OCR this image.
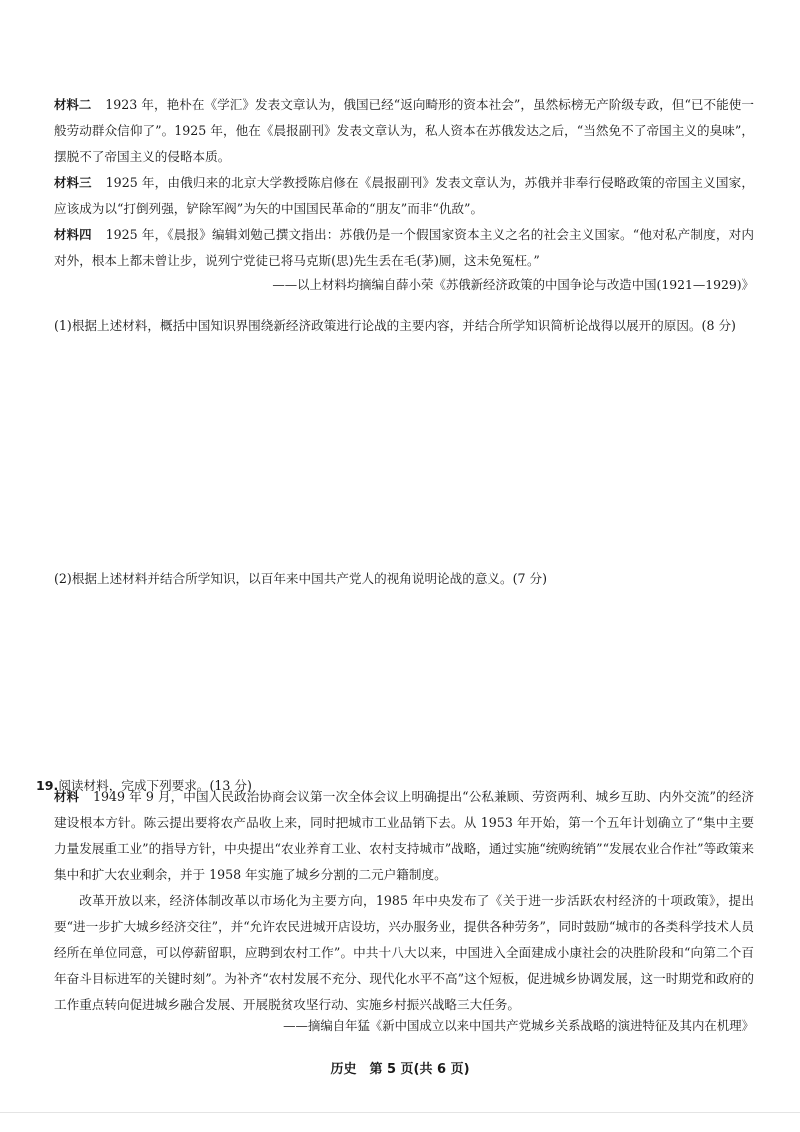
材料二 1923 年，艳朴在《学汇》发表文章认为，俄国已经“返向畸形的资本社会”，虽然标榜无产阶级专政，但“已不能使一般劳动群众信仰了”。1925 年，他在《晨报副刊》发表文章认为，私人资本在苏俄发达之后，“当然免不了帝国主义的臭味”，摆脱不了帝国主义的侵略本质。

材料三 1925 年，由俄归来的北京大学教授陈启修在《晨报副刊》发表文章认为，苏俄并非奉行侵略政策的帝国主义国家，应该成为以“打倒列强，铲除军阀”为矢的中国国民革命的“朋友”而非“仇敌”。

材料四 1925 年，《晨报》编辑刘勉己撰文指出：苏俄仍是一个假国家资本主义之名的社会主义国家。“他对私产制度，对内对外，根本上都未曾让步，说列宁党徒已将马克斯(思)先生丢在毛(茅)厕，这未免冤枉。”

——以上材料均摘编自薛小荣《苏俄新经济政策的中国争论与改造中国(1921—1929)》

(1)根据上述材料，概括中国知识界围绕新经济政策进行论战的主要内容，并结合所学知识简析论战得以展开的原因。(8 分)

(2)根据上述材料并结合所学知识，以百年来中国共产党人的视角说明论战的意义。(7 分)

19.阅读材料，完成下列要求。(13 分)

材料 1949 年 9 月，中国人民政治协商会议第一次全体会议上明确提出“公私兼顾、劳资两利、城乡互助、内外交流”的经济建设根本方针。陈云提出要将农产品收上来，同时把城市工业品销下去。从 1953 年开始，第一个五年计划确立了“集中主要力量发展重工业”的指导方针，中央提出“农业养育工业、农村支持城市”战略，通过实施“统购统销”“发展农业合作社”等政策来集中和扩大农业剩余，并于 1958 年实施了城乡分割的二元户籍制度。

改革开放以来，经济体制改革以市场化为主要方向，1985 年中央发布了《关于进一步活跃农村经济的十项政策》，提出要“进一步扩大城乡经济交往”，并“允许农民进城开店设坊，兴办服务业，提供各种劳务”，同时鼓励“城市的各类科学技术人员经所在单位同意，可以停薪留职，应聘到农村工作”。中共十八大以来，中国进入全面建成小康社会的决胜阶段和“向第二个百年奋斗目标进军的关键时刻”。为补齐“农村发展不充分、现代化水平不高”这个短板，促进城乡协调发展，这一时期党和政府的工作重点转向促进城乡融合发展、开展脱贫攻坚行动、实施乡村振兴战略三大任务。

——摘编自年猛《新中国成立以来中国共产党城乡关系战略的演进特征及其内在机理》
历史　第 5 页(共 6 页)
